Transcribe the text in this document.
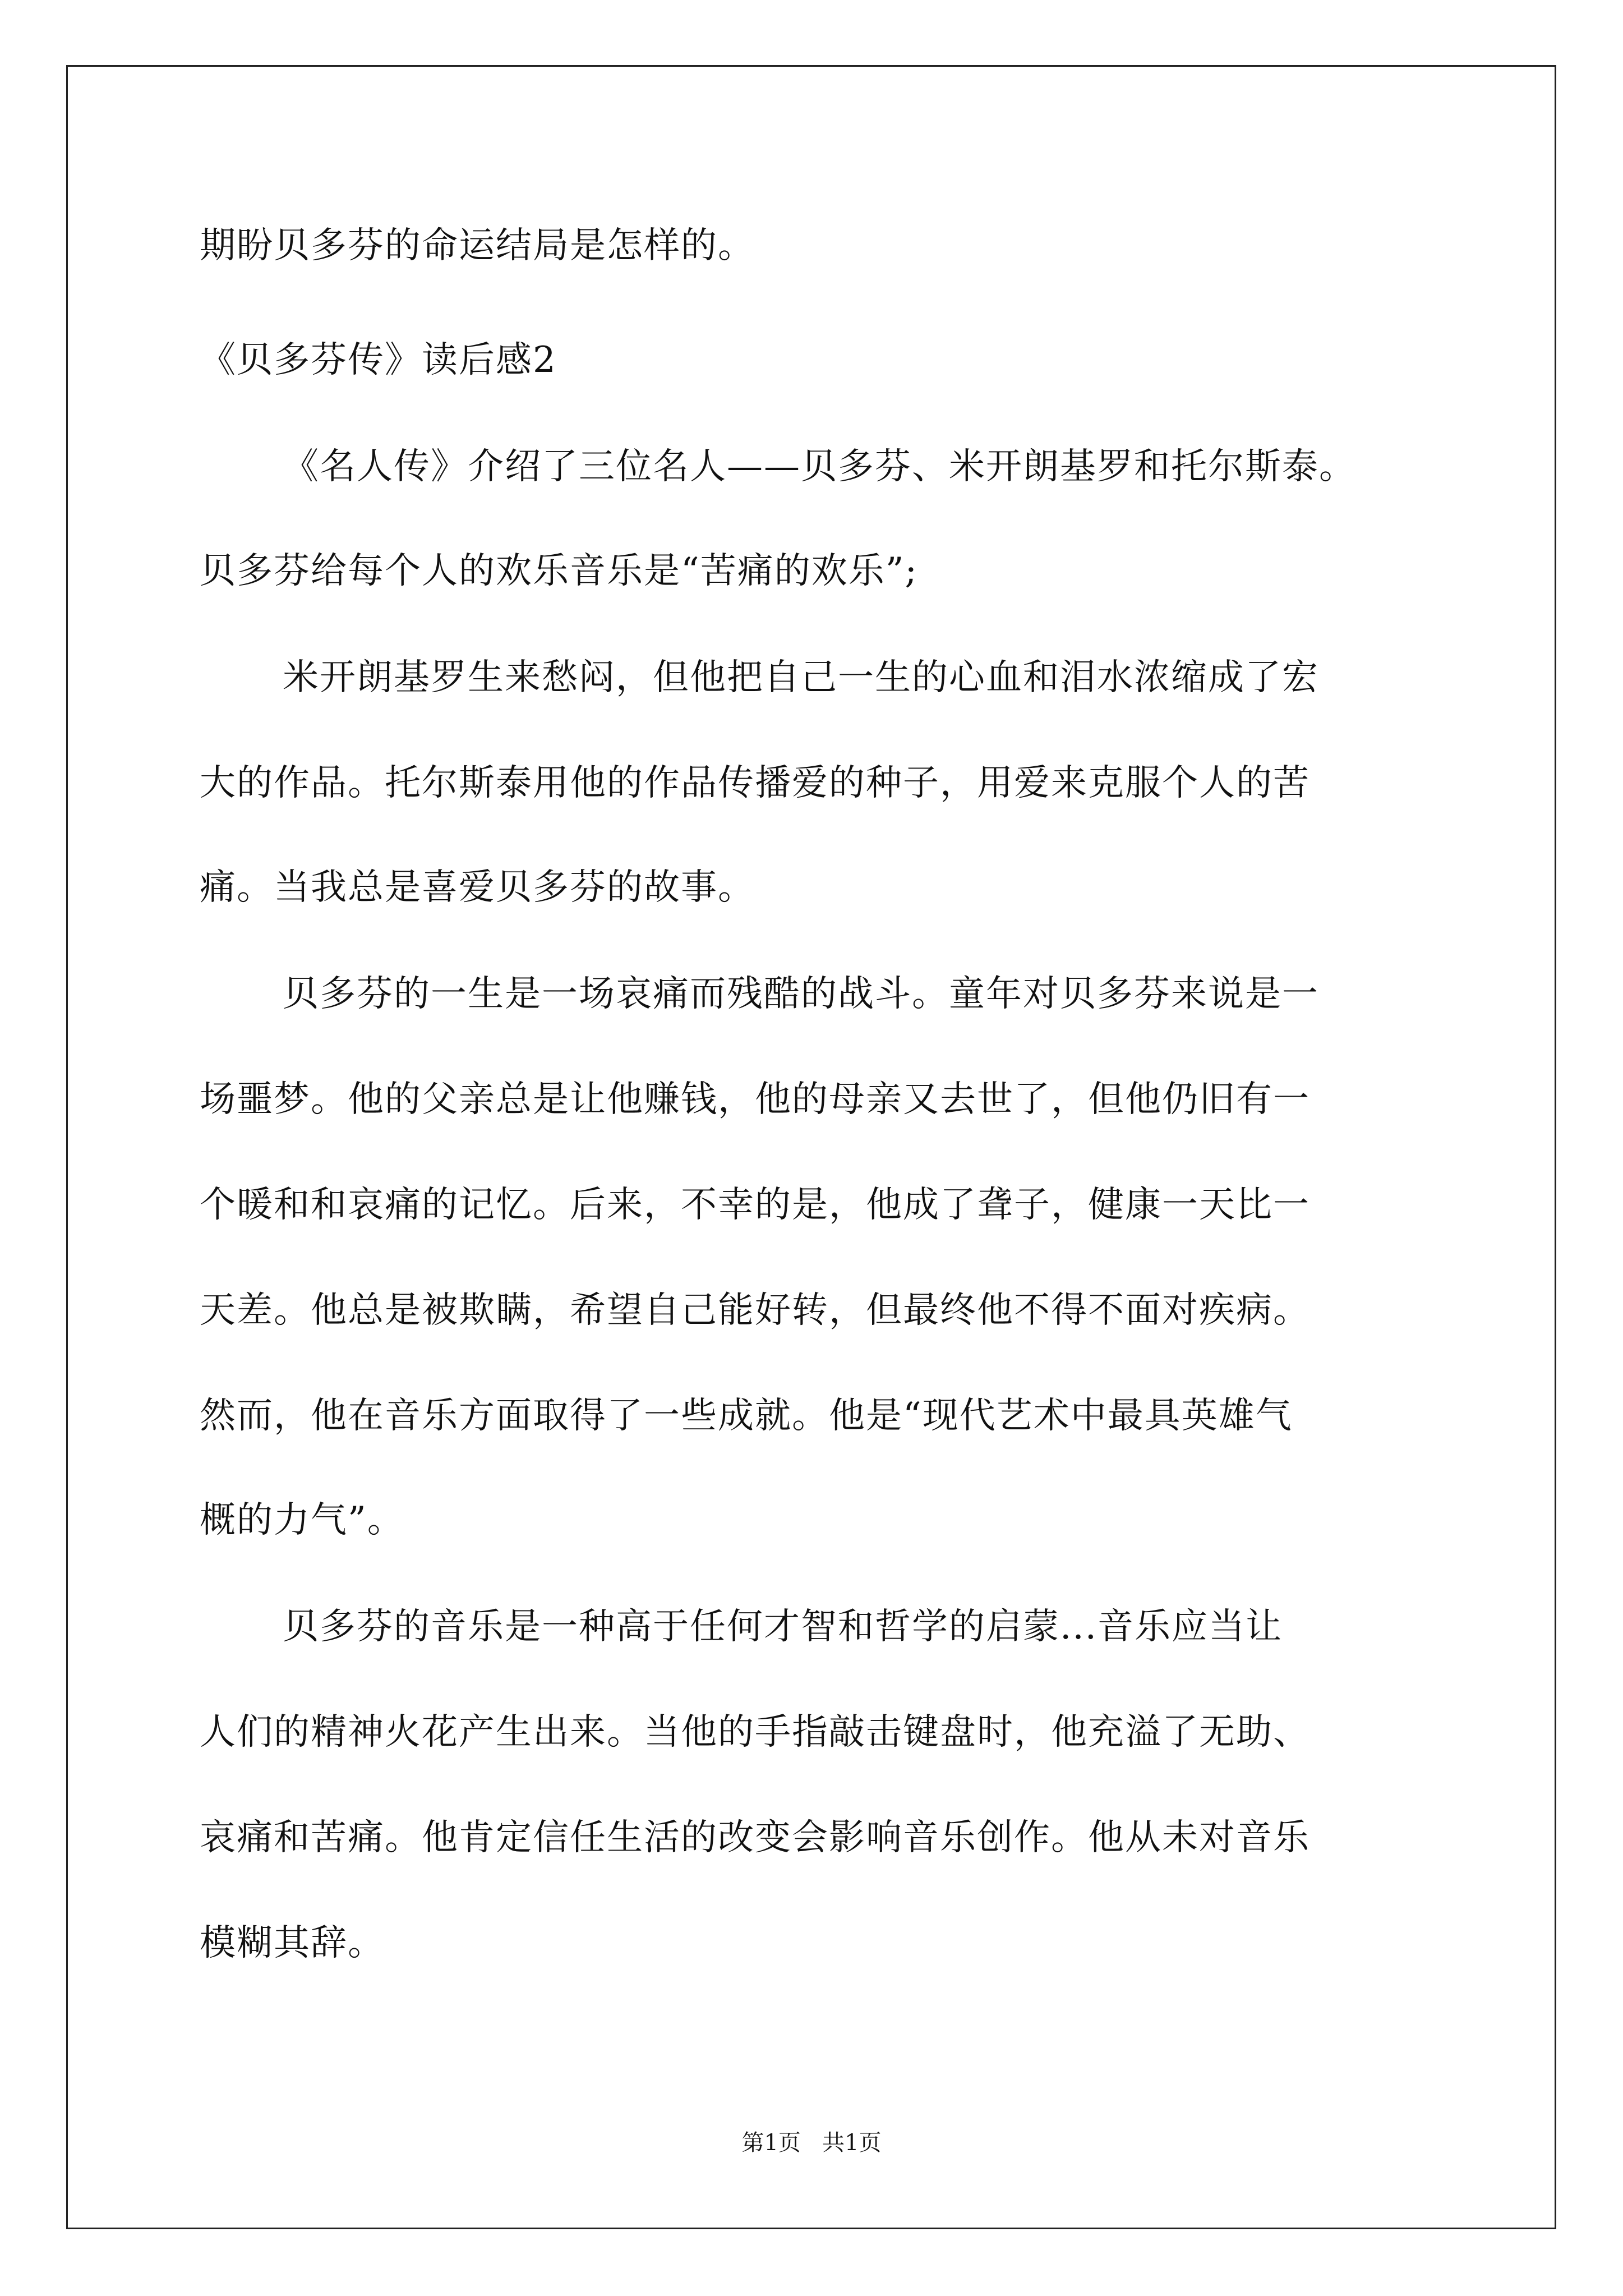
期盼贝多芬的命运结局是怎样的。
《贝多芬传》读后感2
《名人传》介绍了三位名人——贝多芬、米开朗基罗和托尔斯泰。
贝多芬给每个人的欢乐音乐是“苦痛的欢乐”;
米开朗基罗生来愁闷，但他把自己一生的心血和泪水浓缩成了宏
大的作品。托尔斯泰用他的作品传播爱的种子，用爱来克服个人的苦
痛。当我总是喜爱贝多芬的故事。
贝多芬的一生是一场哀痛而残酷的战斗。童年对贝多芬来说是一
场噩梦。他的父亲总是让他赚钱，他的母亲又去世了，但他仍旧有一
个暖和和哀痛的记忆。后来，不幸的是，他成了聋子，健康一天比一
天差。他总是被欺瞒，希望自己能好转，但最终他不得不面对疾病。
然而，他在音乐方面取得了一些成就。他是“现代艺术中最具英雄气
概的力气”。
贝多芬的音乐是一种高于任何才智和哲学的启蒙...音乐应当让
人们的精神火花产生出来。当他的手指敲击键盘时，他充溢了无助、
哀痛和苦痛。他肯定信任生活的改变会影响音乐创作。他从未对音乐
模糊其辞。
第1页   共1页
